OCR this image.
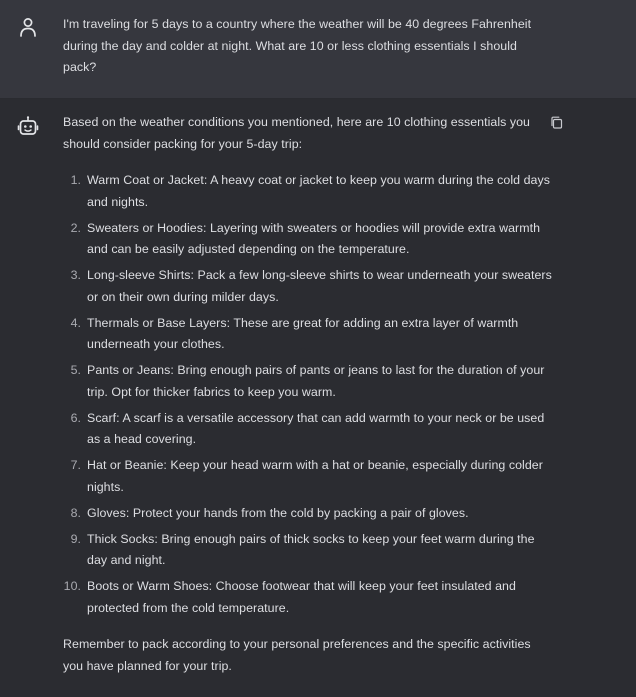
I'm traveling for 5 days to a country where the weather will be 40 degrees Fahrenheit during the day and colder at night. What are 10 or less clothing essentials I should pack?

Based on the weather conditions you mentioned, here are 10 clothing essentials you should consider packing for your 5-day trip:

1. Warm Coat or Jacket: A heavy coat or jacket to keep you warm during the cold days and nights.
2. Sweaters or Hoodies: Layering with sweaters or hoodies will provide extra warmth and can be easily adjusted depending on the temperature.
3. Long-sleeve Shirts: Pack a few long-sleeve shirts to wear underneath your sweaters or on their own during milder days.
4. Thermals or Base Layers: These are great for adding an extra layer of warmth underneath your clothes.
5. Pants or Jeans: Bring enough pairs of pants or jeans to last for the duration of your trip. Opt for thicker fabrics to keep you warm.
6. Scarf: A scarf is a versatile accessory that can add warmth to your neck or be used as a head covering.
7. Hat or Beanie: Keep your head warm with a hat or beanie, especially during colder nights.
8. Gloves: Protect your hands from the cold by packing a pair of gloves.
9. Thick Socks: Bring enough pairs of thick socks to keep your feet warm during the day and night.
10. Boots or Warm Shoes: Choose footwear that will keep your feet insulated and protected from the cold temperature.

Remember to pack according to your personal preferences and the specific activities you have planned for your trip.
